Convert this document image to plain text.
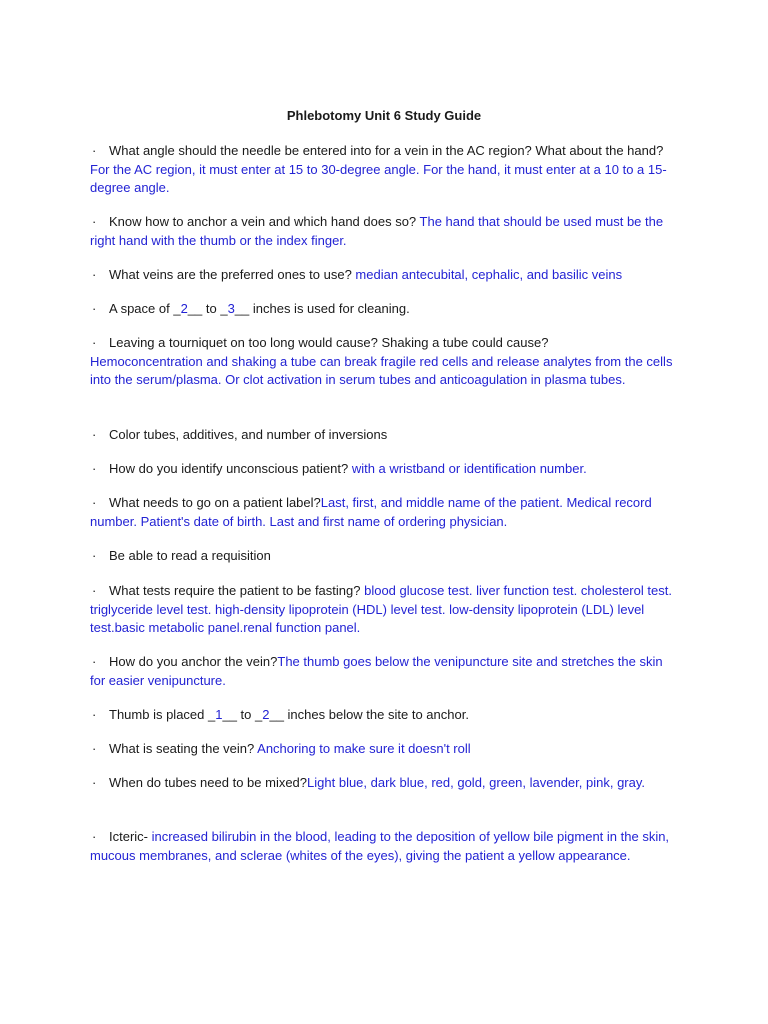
Phlebotomy Unit 6 Study Guide
· What angle should the needle be entered into for a vein in the AC region? What about the hand? For the AC region, it must enter at 15 to 30-degree angle. For the hand, it must enter at a 10 to a 15-degree angle.
· Know how to anchor a vein and which hand does so? The hand that should be used must be the right hand with the thumb or the index finger.
· What veins are the preferred ones to use? median antecubital, cephalic, and basilic veins
· A space of _2__ to _3__ inches is used for cleaning.
· Leaving a tourniquet on too long would cause? Shaking a tube could cause?
Hemoconcentration and shaking a tube can break fragile red cells and release analytes from the cells into the serum/plasma. Or clot activation in serum tubes and anticoagulation in plasma tubes.
· Color tubes, additives, and number of inversions
· How do you identify unconscious patient? with a wristband or identification number.
· What needs to go on a patient label?Last, first, and middle name of the patient. Medical record number. Patient's date of birth. Last and first name of ordering physician.
· Be able to read a requisition
· What tests require the patient to be fasting? blood glucose test. liver function test. cholesterol test. triglyceride level test. high-density lipoprotein (HDL) level test. low-density lipoprotein (LDL) level test.basic metabolic panel.renal function panel.
· How do you anchor the vein?The thumb goes below the venipuncture site and stretches the skin for easier venipuncture.
· Thumb is placed _1__ to _2__ inches below the site to anchor.
· What is seating the vein? Anchoring to make sure it doesn't roll
· When do tubes need to be mixed?Light blue, dark blue, red, gold, green, lavender, pink, gray.
· Icteric- increased bilirubin in the blood, leading to the deposition of yellow bile pigment in the skin, mucous membranes, and sclerae (whites of the eyes), giving the patient a yellow appearance.
